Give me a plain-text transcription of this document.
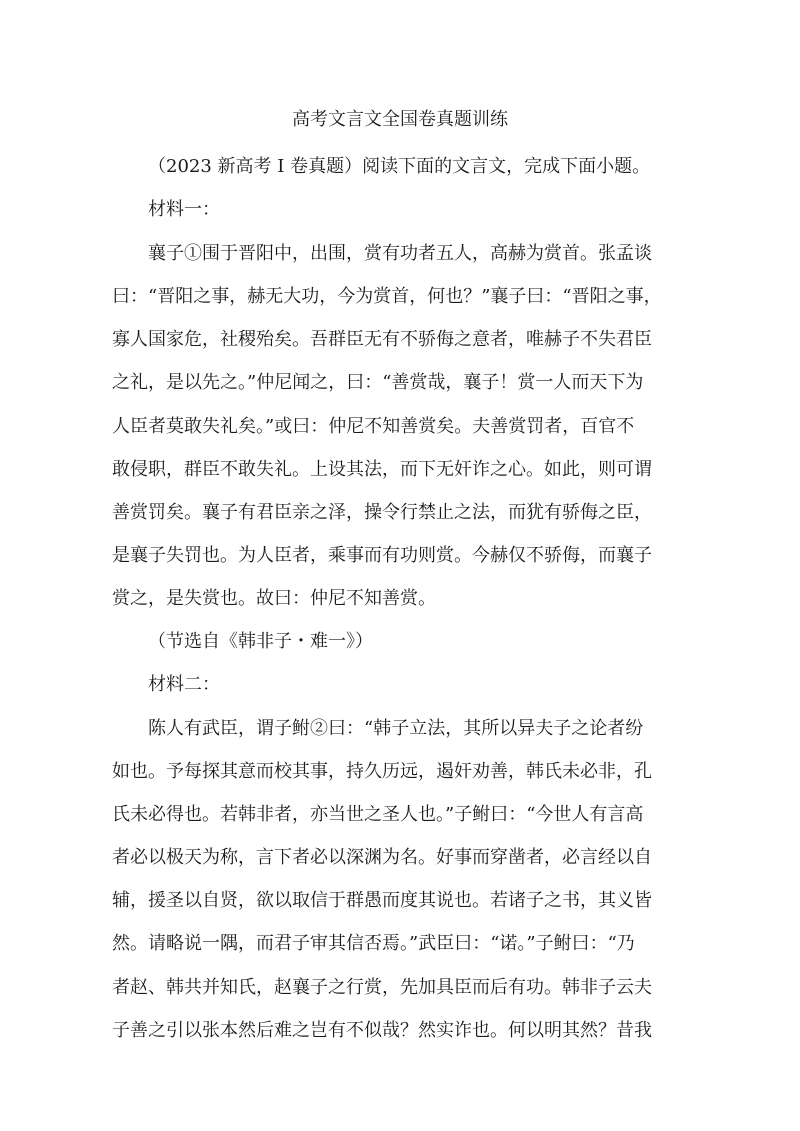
高考文言文全国卷真题训练
（2023 新高考 I 卷真题）阅读下面的文言文，完成下面小题。
材料一：
襄子①围于晋阳中，出围，赏有功者五人，高赫为赏首。张孟谈
曰：“晋阳之事，赫无大功，今为赏首，何也？”襄子曰：“晋阳之事，
寡人国家危，社稷殆矣。吾群臣无有不骄侮之意者，唯赫子不失君臣
之礼，是以先之。”仲尼闻之，曰：“善赏哉，襄子！赏一人而天下为
人臣者莫敢失礼矣。”或曰：仲尼不知善赏矣。夫善赏罚者，百官不
敢侵职，群臣不敢失礼。上设其法，而下无奸诈之心。如此，则可谓
善赏罚矣。襄子有君臣亲之泽，操令行禁止之法，而犹有骄侮之臣，
是襄子失罚也。为人臣者，乘事而有功则赏。今赫仅不骄侮，而襄子
赏之，是失赏也。故曰：仲尼不知善赏。
（节选自《韩非子・难一》）
材料二：
陈人有武臣，谓子鲋②曰：“韩子立法，其所以异夫子之论者纷
如也。予每探其意而校其事，持久历远，遏奸劝善，韩氏未必非，孔
氏未必得也。若韩非者，亦当世之圣人也。”子鲋曰：“今世人有言高
者必以极天为称，言下者必以深渊为名。好事而穿凿者，必言经以自
辅，援圣以自贤，欲以取信于群愚而度其说也。若诸子之书，其义皆
然。请略说一隅，而君子审其信否焉。”武臣曰：“诺。”子鲋曰：“乃
者赵、韩共并知氏，赵襄子之行赏，先加具臣而后有功。韩非子云夫
子善之引以张本然后难之岂有不似哉？然实诈也。何以明其然？昔我
